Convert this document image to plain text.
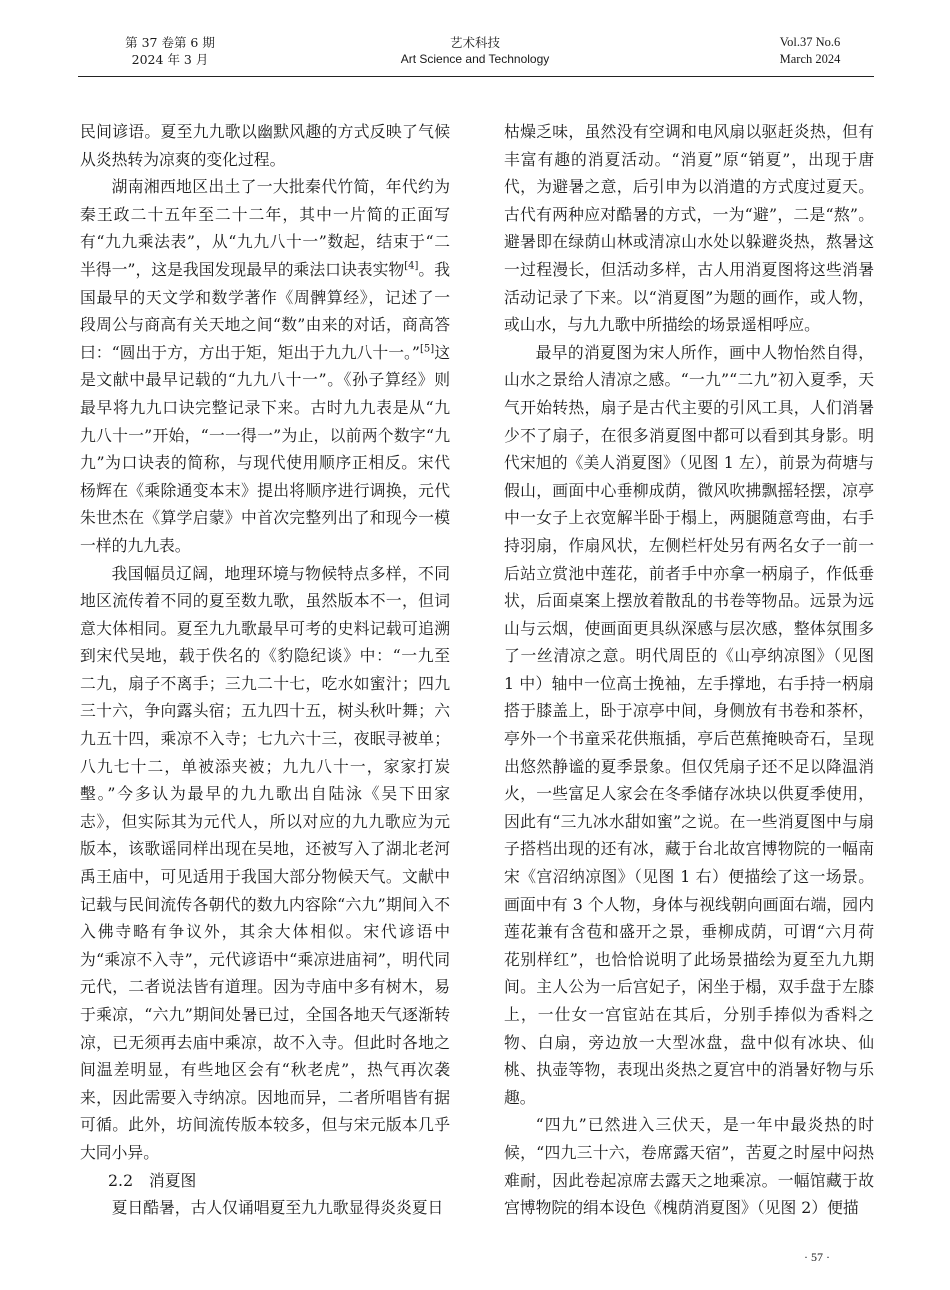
第 37 卷第 6 期
2024 年 3 月
艺术科技
Art Science and Technology
Vol.37 No.6
March 2024

民间谚语。夏至九九歌以幽默风趣的方式反映了气候从炎热转为凉爽的变化过程。

湖南湘西地区出土了一大批秦代竹简，年代约为秦王政二十五年至二十二年，其中一片简的正面写有“九九乘法表”，从“九九八十一”数起，结束于“二半得一”，这是我国发现最早的乘法口诀表实物[4]。我国最早的天文学和数学著作《周髀算经》，记述了一段周公与商高有关天地之间“数”由来的对话，商高答曰：“圆出于方，方出于矩，矩出于九九八十一。”[5]这是文献中最早记载的“九九八十一”。《孙子算经》则最早将九九口诀完整记录下来。古时九九表是从“九九八十一”开始，“一一得一”为止，以前两个数字“九九”为口诀表的简称，与现代使用顺序正相反。宋代杨辉在《乘除通变本末》提出将顺序进行调换，元代朱世杰在《算学启蒙》中首次完整列出了和现今一模一样的九九表。

我国幅员辽阔，地理环境与物候特点多样，不同地区流传着不同的夏至数九歌，虽然版本不一，但词意大体相同。夏至九九歌最早可考的史料记载可追溯到宋代吴地，载于佚名的《豹隐纪谈》中：“一九至二九，扇子不离手；三九二十七，吃水如蜜汁；四九三十六，争向露头宿；五九四十五，树头秋叶舞；六九五十四，乘凉不入寺；七九六十三，夜眠寻被单；八九七十二，单被添夹被；九九八十一，家家打炭墼。”今多认为最早的九九歌出自陆泳《吴下田家志》，但实际其为元代人，所以对应的九九歌应为元版本，该歌谣同样出现在吴地，还被写入了湖北老河禹王庙中，可见适用于我国大部分物候天气。文献中记载与民间流传各朝代的数九内容除“六九”期间入不入佛寺略有争议外，其余大体相似。宋代谚语中为“乘凉不入寺”，元代谚语中“乘凉进庙祠”，明代同元代，二者说法皆有道理。因为寺庙中多有树木，易于乘凉，“六九”期间处暑已过，全国各地天气逐渐转凉，已无须再去庙中乘凉，故不入寺。但此时各地之间温差明显，有些地区会有“秋老虎”，热气再次袭来，因此需要入寺纳凉。因地而异，二者所唱皆有据可循。此外，坊间流传版本较多，但与宋元版本几乎大同小异。

2.2　消夏图

夏日酷暑，古人仅诵唱夏至九九歌显得炎炎夏日

枯燥乏味，虽然没有空调和电风扇以驱赶炎热，但有丰富有趣的消夏活动。“消夏”原“销夏”，出现于唐代，为避暑之意，后引申为以消遣的方式度过夏天。古代有两种应对酷暑的方式，一为“避”，二是“熬”。避暑即在绿荫山林或清凉山水处以躲避炎热，熬暑这一过程漫长，但活动多样，古人用消夏图将这些消暑活动记录了下来。以“消夏图”为题的画作，或人物，或山水，与九九歌中所描绘的场景遥相呼应。

最早的消夏图为宋人所作，画中人物怡然自得，山水之景给人清凉之感。“一九”“二九”初入夏季，天气开始转热，扇子是古代主要的引风工具，人们消暑少不了扇子，在很多消夏图中都可以看到其身影。明代宋旭的《美人消夏图》（见图 1 左），前景为荷塘与假山，画面中心垂柳成荫，微风吹拂飘摇轻摆，凉亭中一女子上衣宽解半卧于榻上，两腿随意弯曲，右手持羽扇，作扇风状，左侧栏杆处另有两名女子一前一后站立赏池中莲花，前者手中亦拿一柄扇子，作低垂状，后面桌案上摆放着散乱的书卷等物品。远景为远山与云烟，使画面更具纵深感与层次感，整体氛围多了一丝清凉之意。明代周臣的《山亭纳凉图》（见图 1 中）轴中一位高士挽袖，左手撑地，右手持一柄扇搭于膝盖上，卧于凉亭中间，身侧放有书卷和茶杯，亭外一个书童采花供瓶插，亭后芭蕉掩映奇石，呈现出悠然静谧的夏季景象。但仅凭扇子还不足以降温消火，一些富足人家会在冬季储存冰块以供夏季使用，因此有“三九冰水甜如蜜”之说。在一些消夏图中与扇子搭档出现的还有冰，藏于台北故宫博物院的一幅南宋《宫沼纳凉图》（见图 1 右）便描绘了这一场景。画面中有 3 个人物，身体与视线朝向画面右端，园内莲花兼有含苞和盛开之景，垂柳成荫，可谓“六月荷花别样红”，也恰恰说明了此场景描绘为夏至九九期间。主人公为一后宫妃子，闲坐于榻，双手盘于左膝上，一仕女一宫宦站在其后，分别手捧似为香料之物、白扇，旁边放一大型冰盘，盘中似有冰块、仙桃、执壶等物，表现出炎热之夏宫中的消暑好物与乐趣。

“四九”已然进入三伏天，是一年中最炎热的时候，“四九三十六，卷席露天宿”，苦夏之时屋中闷热难耐，因此卷起凉席去露天之地乘凉。一幅馆藏于故宫博物院的绢本设色《槐荫消夏图》（见图 2）便描

· 57 ·
